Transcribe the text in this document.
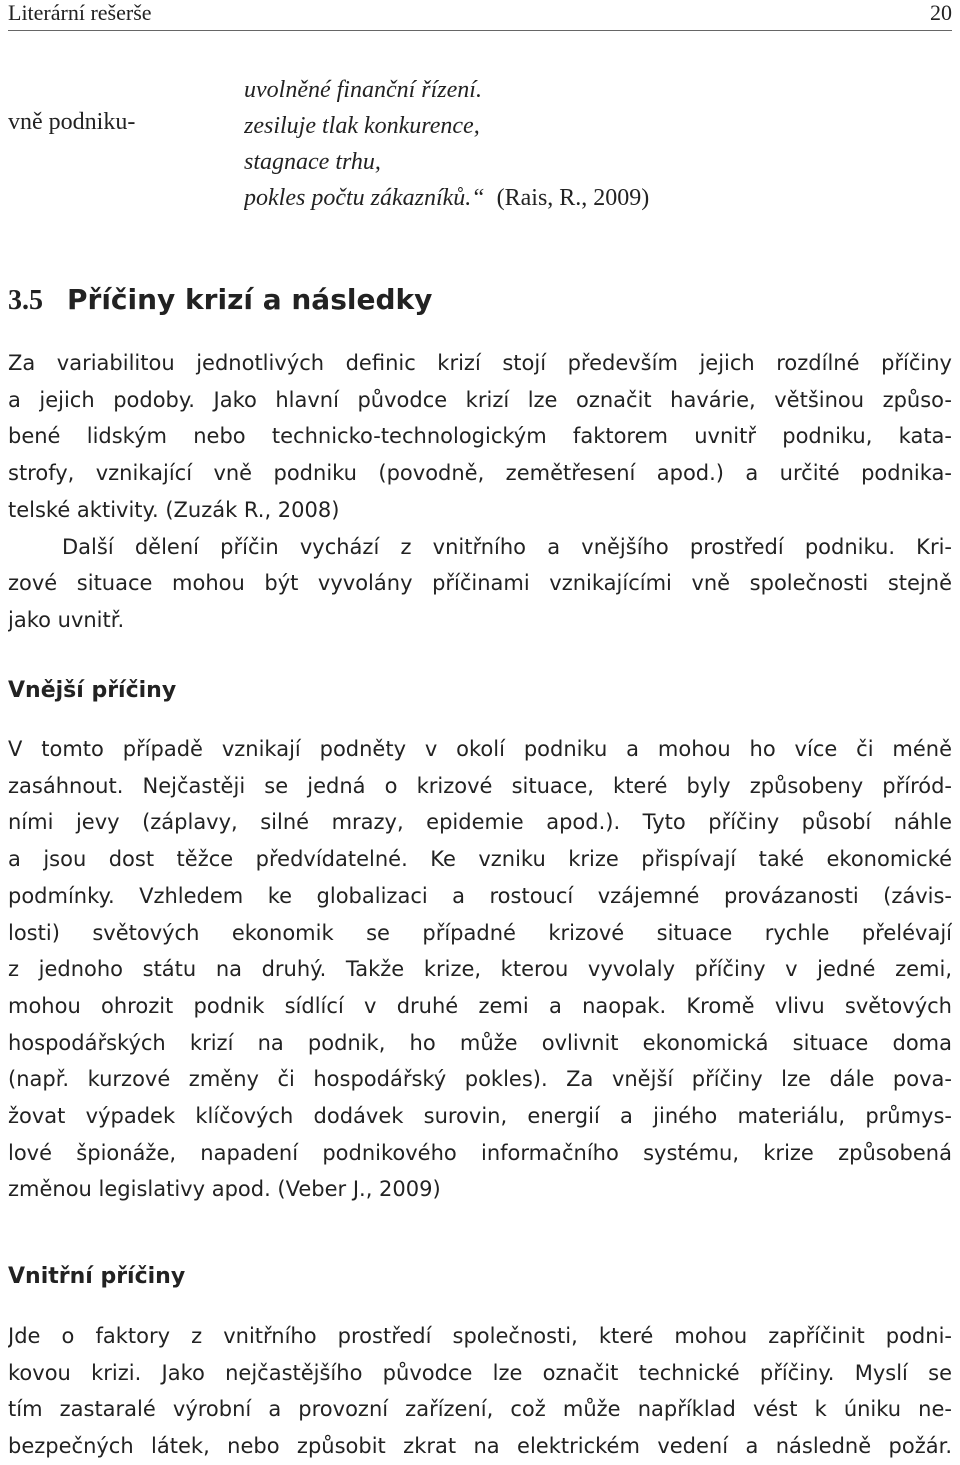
Literární rešerše	20
vně podniku-
uvolněné finanční řízení.
zesiluje tlak konkurence,
stagnace trhu,
pokles počtu zákazníků.“ (Rais, R., 2009)
3.5 Příčiny krizí a následky
Za variabilitou jednotlivých definic krizí stojí především jejich rozdílné příčiny
a jejich podoby. Jako hlavní původce krizí lze označit havárie, většinou způso-
bené lidským nebo technicko-technologickým faktorem uvnitř podniku, kata-
strofy, vznikající vně podniku (povodně, zemětřesení apod.) a určité podnika-
telské aktivity. (Zuzák R., 2008)
Další dělení příčin vychází z vnitřního a vnějšího prostředí podniku. Kri-
zové situace mohou být vyvolány příčinami vznikajícími vně společnosti stejně
jako uvnitř.
Vnější příčiny
V tomto případě vznikají podněty v okolí podniku a mohou ho více či méně
zasáhnout. Nejčastěji se jedná o krizové situace, které byly způsobeny příród-
ními jevy (záplavy, silné mrazy, epidemie apod.). Tyto příčiny působí náhle
a jsou dost těžce předvídatelné. Ke vzniku krize přispívají také ekonomické
podmínky. Vzhledem ke globalizaci a rostoucí vzájemné provázanosti (závis-
losti) světových ekonomik se případné krizové situace rychle přelévají
z jednoho státu na druhý. Takže krize, kterou vyvolaly příčiny v jedné zemi,
mohou ohrozit podnik sídlící v druhé zemi a naopak. Kromě vlivu světových
hospodářských krizí na podnik, ho může ovlivnit ekonomická situace doma
(např. kurzové změny či hospodářský pokles). Za vnější příčiny lze dále pova-
žovat výpadek klíčových dodávek surovin, energií a jiného materiálu, průmys-
lové špionáže, napadení podnikového informačního systému, krize způsobená
změnou legislativy apod. (Veber J., 2009)
Vnitřní příčiny
Jde o faktory z vnitřního prostředí společnosti, které mohou zapříčinit podni-
kovou krizi. Jako nejčastějšího původce lze označit technické příčiny. Myslí se
tím zastaralé výrobní a provozní zařízení, což může například vést k úniku ne-
bezpečných látek, nebo způsobit zkrat na elektrickém vedení a následně požár.
